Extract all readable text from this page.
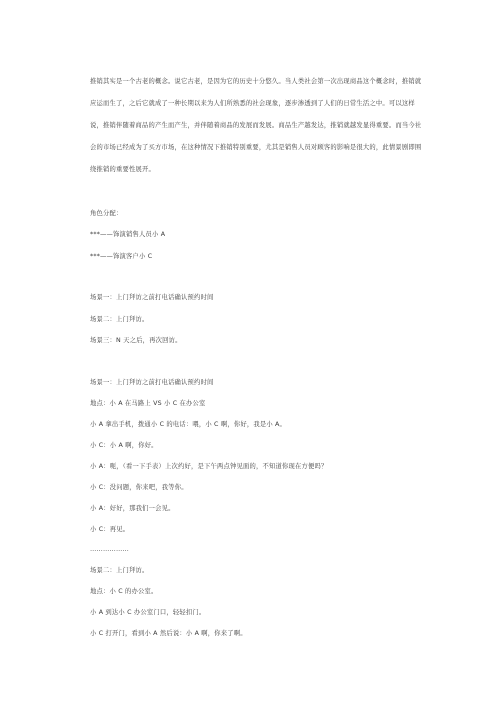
推销其实是一个古老的概念。说它古老，是因为它的历史十分悠久。当人类社会第一次出现商品这个概念时，推销就应运而生了，之后它就成了一种长期以来为人们所熟悉的社会现象，逐步渗透到了人们的日常生活之中。可以这样说，推销伴随着商品的产生而产生，并伴随着商品的发展而发展。商品生产越发达，推销就越发显得重要。而当今社会的市场已经成为了买方市场，在这种情况下推销特别重要，尤其是销售人员对顾客的影响是很大的，此情景剧即围绕推销的重要性展开。

角色分配：
***——饰演销售人员小 A
***——饰演客户小 C
场景一：上门拜访之前打电话确认预约时间
场景二：上门拜访。
场景三：N 天之后，再次回访。
场景一：上门拜访之前打电话确认预约时间
地点：小 A 在马路上 VS 小 C 在办公室
小 A 拿出手机，拨通小 C 的电话：喂，小 C 啊，你好，我是小 A。
小 C：小 A 啊，你好。
小 A：呃，（看一下手表）上次约好，是下午两点钟见面的，不知道你现在方便吗？
小 C：没问题，你来吧，我等你。
小 A：好好，那我们一会见。
小 C：再见。
………………
场景二：上门拜访。
地点：小 C 的办公室。
小 A 到达小 C 办公室门口，轻轻扣门。
小 C 打开门，看到小 A 然后说：小 A 啊，你来了啊。
